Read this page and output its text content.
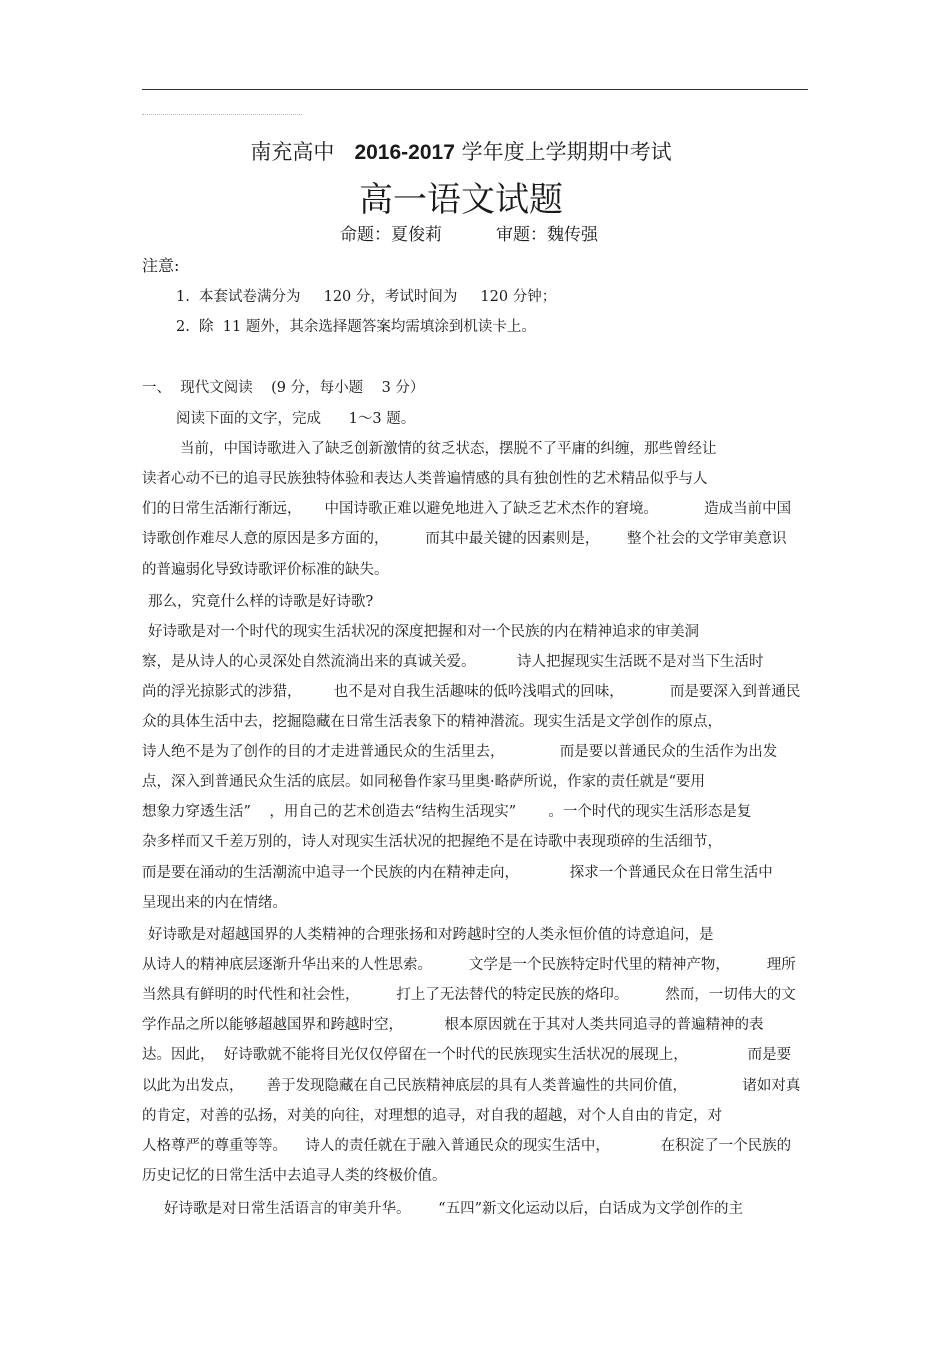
南充高中 2016-2017 学年度上学期期中考试
高一语文试题
命题：夏俊莉	审题：魏传强
注意:
1.  本套试卷满分为     120 分，考试时间为     120 分钟；
2.  除  11 题外，其余选择题答案均需填涂到机读卡上。
一、  现代文阅读    (9 分，每小题    3 分）
阅读下面的文字，完成      1～3 题。
当前，中国诗歌进入了缺乏创新激情的贫乏状态，摆脱不了平庸的纠缠，那些曾经让
读者心动不已的追寻民族独特体验和表达人类普遍情感的具有独创性的艺术精品似乎与人
们的日常生活渐行渐远，     中国诗歌正难以避免地进入了缺乏艺术杰作的窘境。          造成当前中国
诗歌创作难尽人意的原因是多方面的，        而其中最关键的因素则是，      整个社会的文学审美意识
的普遍弱化导致诗歌评价标准的缺失。
那么，究竟什么样的诗歌是好诗歌?
好诗歌是对一个时代的现实生活状况的深度把握和对一个民族的内在精神追求的审美洞
察，是从诗人的心灵深处自然流淌出来的真诚关爱。         诗人把握现实生活既不是对当下生活时
尚的浮光掠影式的涉猎，       也不是对自我生活趣味的低吟浅唱式的回味，          而是要深入到普通民
众的具体生活中去，挖掘隐藏在日常生活表象下的精神潜流。现实生活是文学创作的原点，
诗人绝不是为了创作的目的才走进普通民众的生活里去，            而是要以普通民众的生活作为出发
点，深入到普通民众生活的底层。如同秘鲁作家马里奥·略萨所说，作家的责任就是“要用
想象力穿透生活”    ，用自己的艺术创造去“结构生活现实”       。一个时代的现实生活形态是复
杂多样而又千差万别的，诗人对现实生活状况的把握绝不是在诗歌中表现琐碎的生活细节，
而是要在涌动的生活潮流中追寻一个民族的内在精神走向，           探求一个普通民众在日常生活中
呈现出来的内在情绪。
好诗歌是对超越国界的人类精神的合理张扬和对跨越时空的人类永恒价值的诗意追问，是
从诗人的精神底层逐渐升华出来的人性思索。        文学是一个民族特定时代里的精神产物，        理所
当然具有鲜明的时代性和社会性，        打上了无法替代的特定民族的烙印。        然而，一切伟大的文
学作品之所以能够超越国界和跨越时空，         根本原因就在于其对人类共同追寻的普遍精神的表
达。因此，  好诗歌就不能将目光仅仅停留在一个时代的民族现实生活状况的展现上，             而是要
以此为出发点，     善于发现隐藏在自己民族精神底层的具有人类普遍性的共同价值，            诸如对真
的肯定，对善的弘扬，对美的向往，对理想的追寻，对自我的超越，对个人自由的肯定，对
人格尊严的尊重等等。    诗人的责任就在于融入普通民众的现实生活中，           在积淀了一个民族的
历史记忆的日常生活中去追寻人类的终极价值。
好诗歌是对日常生活语言的审美升华。      “五四”新文化运动以后，白话成为文学创作的主
